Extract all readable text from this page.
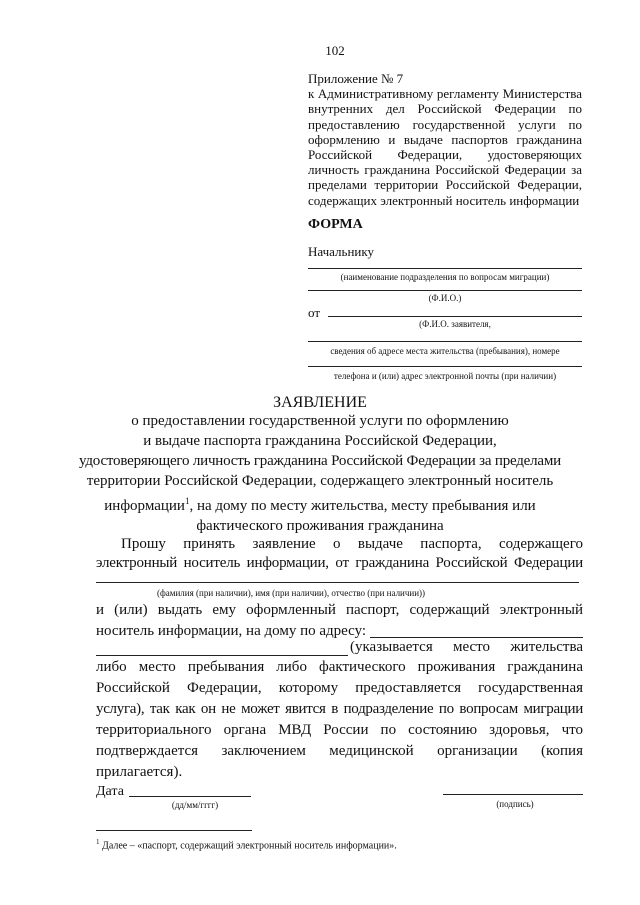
102
Приложение № 7
к Административному регламенту Министерства
внутренних дел Российской Федерации по
предоставлению государственной услуги по
оформлению и выдаче паспортов гражданина
Российской Федерации, удостоверяющих
личность гражданина Российской Федерации за
пределами территории Российской Федерации,
содержащих электронный носитель информации
ФОРМА
Начальнику
(наименование подразделения по вопросам миграции)
(Ф.И.О.)
от
(Ф.И.О. заявителя,
сведения об адресе места жительства (пребывания), номере
телефона и (или) адрес электронной почты (при наличии)
ЗАЯВЛЕНИЕ
о предоставлении государственной услуги по оформлению
и выдаче паспорта гражданина Российской Федерации,
удостоверяющего личность гражданина Российской Федерации за пределами
территории Российской Федерации, содержащего электронный носитель
информации$^1$, на дому по месту жительства, месту пребывания или
фактического проживания гражданина
Прошу принять заявление о выдаче паспорта, содержащего
электронный носитель информации, от гражданина Российской Федерации
(фамилия (при наличии), имя (при наличии), отчество (при наличии))
и (или) выдать ему оформленный паспорт, содержащий электронный
носитель информации, на дому по адресу:
(указывается место жительства
либо место пребывания либо фактического проживания гражданина
Российской Федерации, которому предоставляется государственная
услуга), так как он не может явится в подразделение по вопросам миграции
территориального органа МВД России по состоянию здоровья, что
подтверждается заключением медицинской организации (копия
прилагается).
Дата
(дд/мм/гггг)	(подпись)
$^1$ Далее – «паспорт, содержащий электронный носитель информации».
